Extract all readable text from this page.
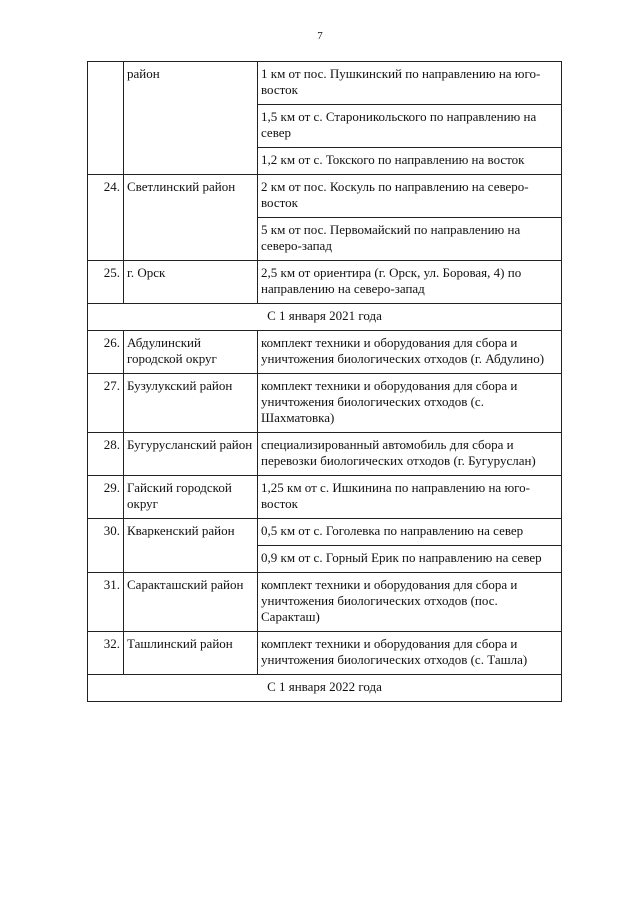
7
	район	1 км от пос. Пушкинский по направлению на юго-восток
		1,5 км от с. Староникольского по направлению на север
		1,2 км от с. Токского по направлению на восток
24.	Светлинский район	2 км от пос. Коскуль по направлению на северо-восток
		5 км от пос. Первомайский по направлению на северо-запад
25.	г. Орск	2,5 км от ориентира (г. Орск, ул. Боровая, 4) по направлению на северо-запад
С 1 января 2021 года		
26.	Абдулинский городской округ	комплект техники и оборудования для сбора и уничтожения биологических отходов (г. Абдулино)
27.	Бузулукский район	комплект техники и оборудования для сбора и уничтожения биологических отходов (с. Шахматовка)
28.	Бугурусланский район	специализированный автомобиль для сбора и перевозки биологических отходов (г. Бугуруслан)
29.	Гайский городской округ	1,25 км от с. Ишкинина по направлению на юго-восток
30.	Кваркенский район	0,5 км от с. Гоголевка по направлению на север
		0,9 км от с. Горный Ерик по направлению на север
31.	Саракташский район	комплект техники и оборудования для сбора и уничтожения биологических отходов (пос. Саракташ)
32.	Ташлинский район	комплект техники и оборудования для сбора и уничтожения биологических отходов (с. Ташла)
С 1 января 2022 года		
